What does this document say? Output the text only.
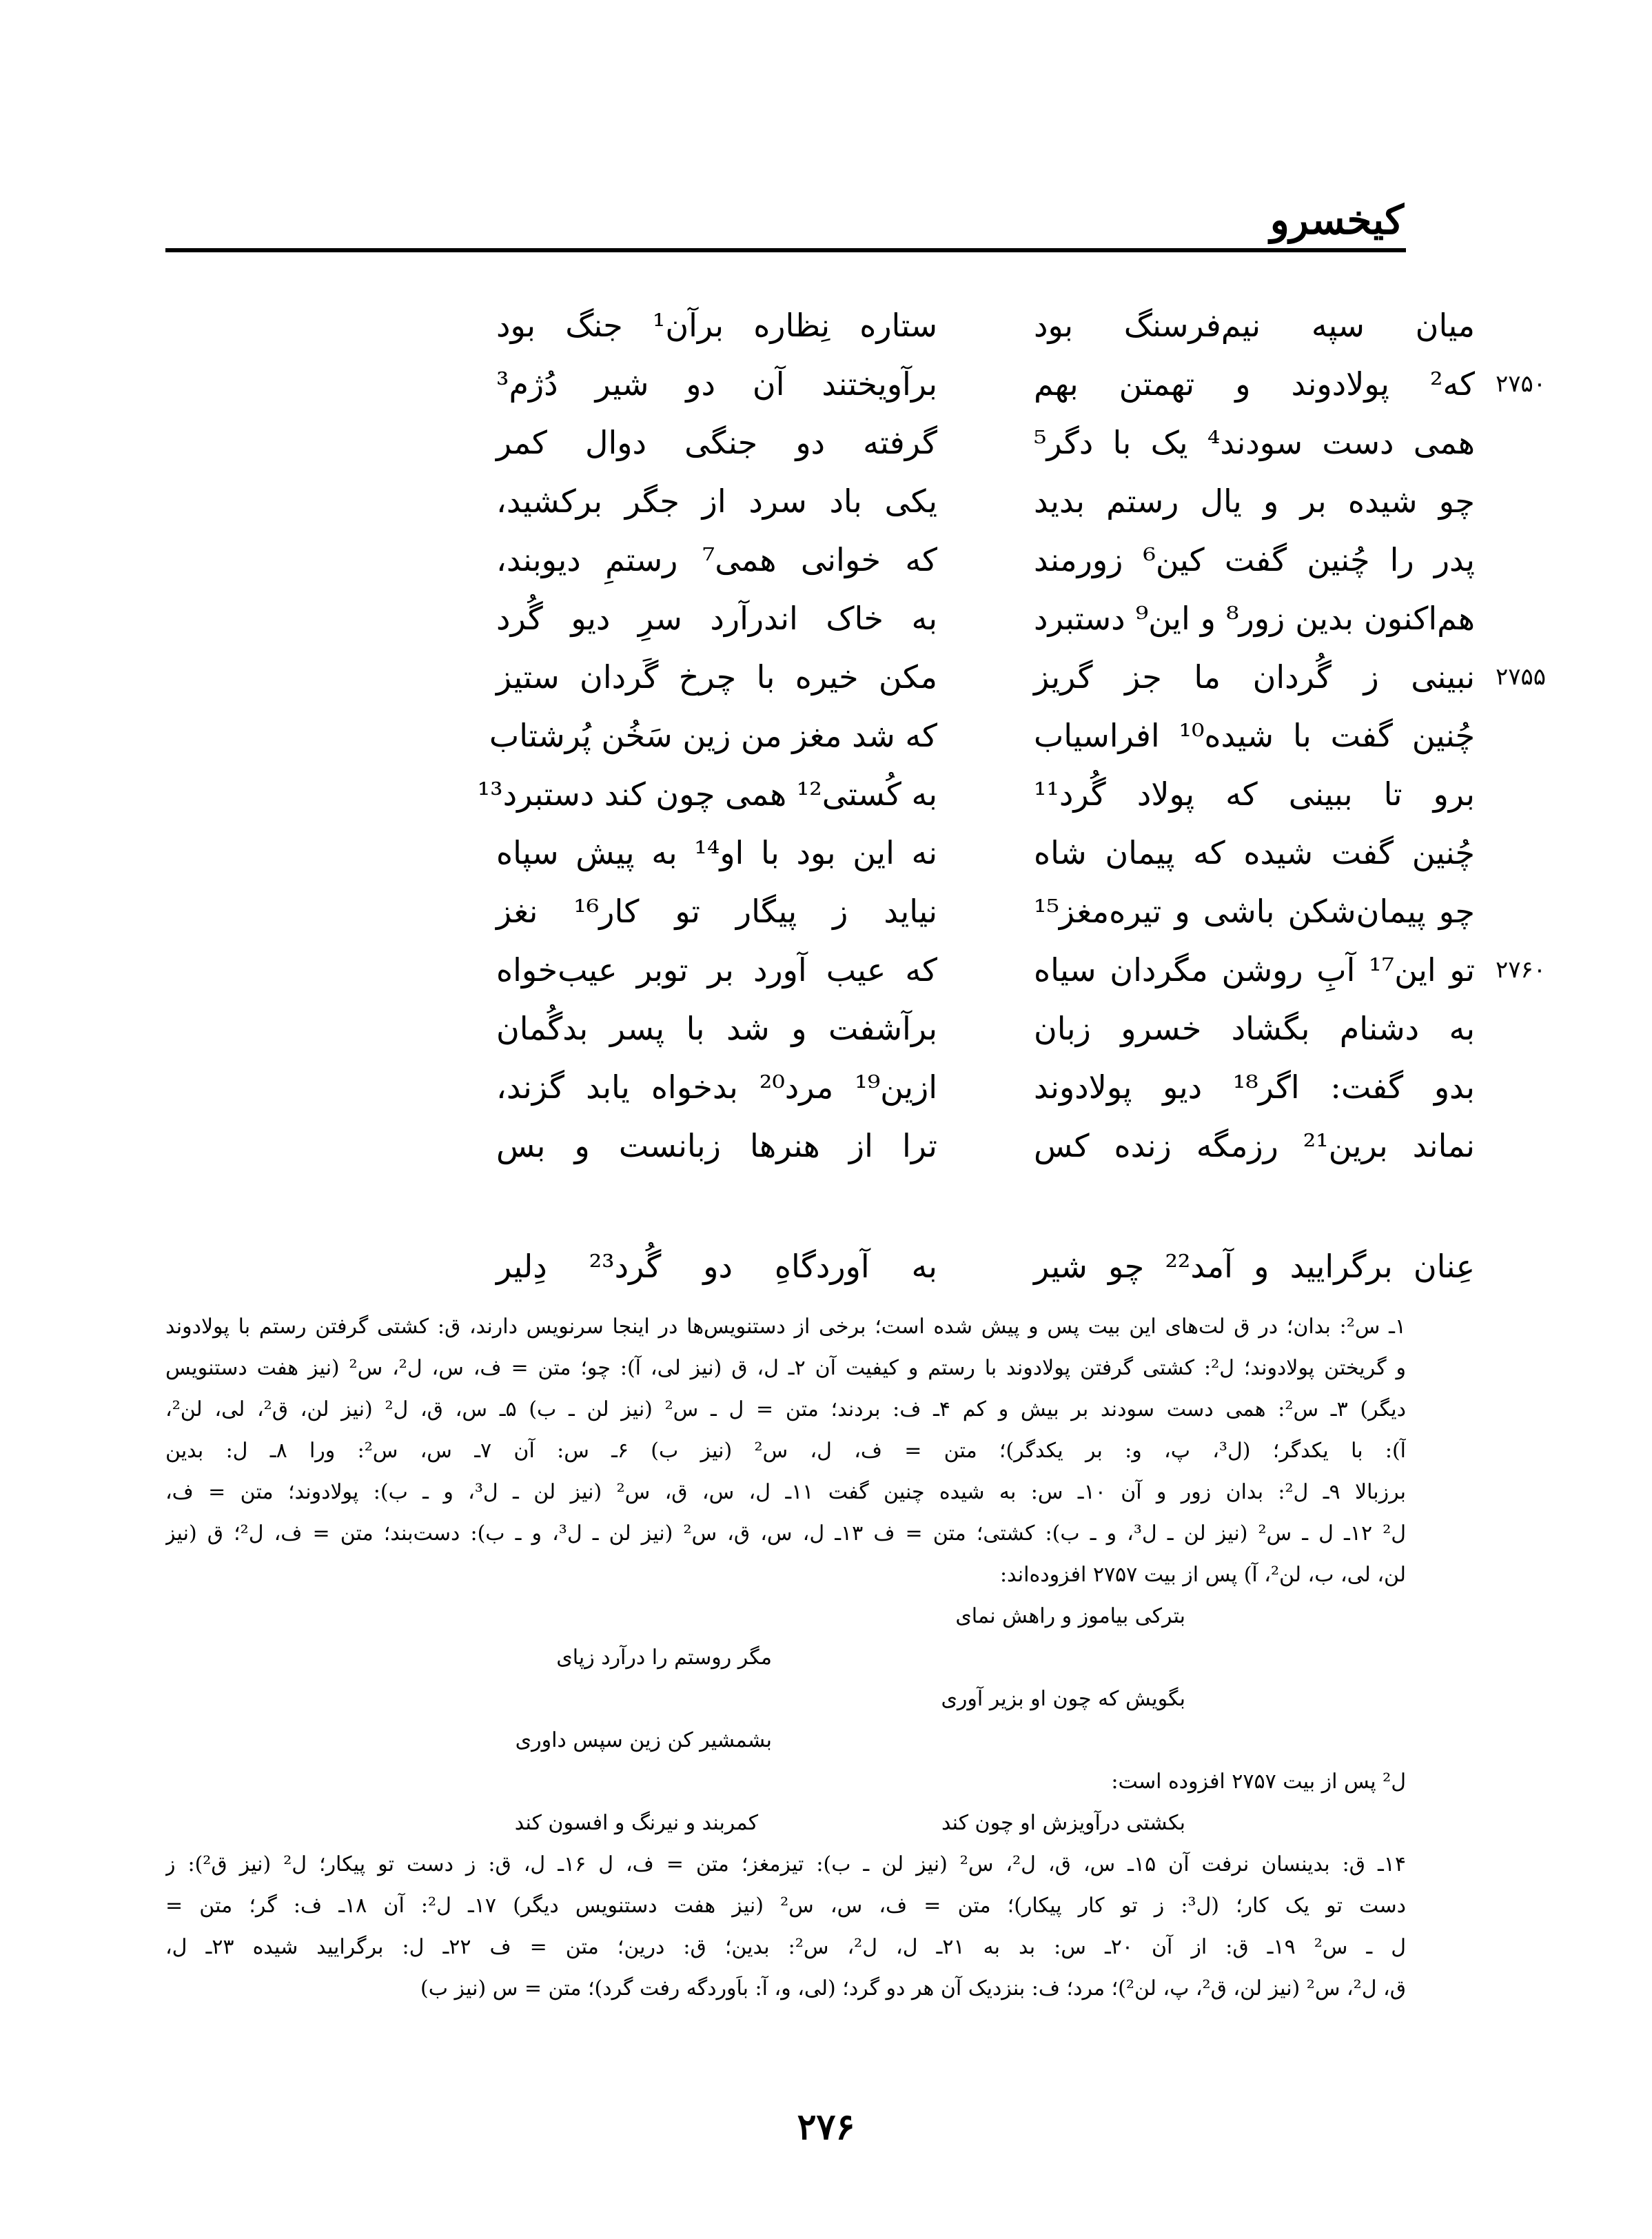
کیخسرو
میان سپه نیم‌فرسنگ بود
ستاره نِظاره برآن¹ جنگ بود
۲۷۵۰
که² پولادوند و تهمتن بهم
برآویختند آن دو شیر دُژم³
همی دست سودند⁴ یک با دگر⁵
گرفته دو جنگی دوال کمر
چو شیده بر و یال رستم بدید
یکی باد سرد از جگر برکشید،
پدر را چُنین گفت کین⁶ زورمند
که خوانی همی⁷ رستمِ دیوبند،
هم‌اکنون بدین زور⁸ و این⁹ دستبرد
به خاک اندرآرد سرِ دیو گُرد
۲۷۵۵
نبینی ز گُردان ما جز گریز
مکن خیره با چرخ گَردان ستیز
چُنین گفت با شیده¹⁰ افراسیاب
که شد مغز من زین سَخُن پُرشتاب
برو تا ببینی که پولاد گُرد¹¹
به کُستی¹² همی چون کند دستبرد¹³
چُنین گفت شیده که پیمان شاه
نه این بود با او¹⁴ به پیش سپاه
چو پیمان‌شکن باشی و تیره‌مغز¹⁵
نیاید ز پیگار تو کار¹⁶ نغز
۲۷۶۰
تو این¹⁷ آبِ روشن مگردان سیاه
که عیب آورد بر توبر عیب‌خواه
به دشنام بگشاد خسرو زبان
برآشفت و شد با پسر بدگُمان
بدو گفت: اگر¹⁸ دیو پولادوند
ازین¹⁹ مرد²⁰ بدخواه یابد گزند،
نماند برین²¹ رزمگه زنده کس
ترا از هنرها زبانست و بس
عِنان برگرایید و آمد²² چو شیر
به آوردگاهِ دو گُرد²³ دِلیر
۱ـ س²: بدان؛ در ق لت‌های این بیت پس و پیش شده است؛ برخی از دستنویس‌ها در اینجا سرنویس دارند، ق: کشتی گرفتن رستم با پولادوند
و گریختن پولادوند؛ ل²: کشتی گرفتن پولادوند با رستم و کیفیت آن ۲ـ ل، ق (نیز لی، آ): چو؛ متن = ف، س، ل²، س² (نیز هفت دستنویس
دیگر) ۳ـ س²: همی دست سودند بر بیش و کم ۴ـ ف: بردند؛ متن = ل ـ س² (نیز لن ـ ب) ۵ـ س، ق، ل² (نیز لن، ق²، لی، لن²،
آ): با یکدگر؛ (ل³، پ، و: بر یکدگر)؛ متن = ف، ل، س² (نیز ب) ۶ـ س: آن ۷ـ س، س²: ورا ۸ـ ل: بدین
برزبالا ۹ـ ل²: بدان زور و آن ۱۰ـ س: به شیده چنین گفت ۱۱ـ ل، س، ق، س² (نیز لن ـ ل³، و ـ ب): پولادوند؛ متن = ف،
ل² ۱۲ـ ل ـ س² (نیز لن ـ ل³، و ـ ب): کشتی؛ متن = ف ۱۳ـ ل، س، ق، س² (نیز لن ـ ل³، و ـ ب): دست‌بند؛ متن = ف، ل²؛ ق (نیز
لن، لی، ب، لن²، آ) پس از بیت ۲۷۵۷ افزوده‌اند:
بترکی بیاموز و راهش نمای
مگر روستم را درآرد زپای
بگویش که چون او بزیر آوری
بشمشیر کن زین سپس داوری
ل² پس از بیت ۲۷۵۷ افزوده است:
بکشتی درآویزش او چون کند
کمربند و نیرنگ و افسون کند
۱۴ـ ق: بدینسان نرفت آن ۱۵ـ س، ق، ل²، س² (نیز لن ـ ب): تیزمغز؛ متن = ف، ل ۱۶ـ ل، ق: ز دست تو پیکار؛ ل² (نیز ق²): ز
دست تو یک کار؛ (ل³: ز تو کار پیکار)؛ متن = ف، س، س² (نیز هفت دستنویس دیگر) ۱۷ـ ل²: آن ۱۸ـ ف: گر؛ متن =
ل ـ س² ۱۹ـ ق: از آن ۲۰ـ س: بد به ۲۱ـ ل، ل²، س²: بدین؛ ق: درین؛ متن = ف ۲۲ـ ل: برگرایید شیده ۲۳ـ ل،
ق، ل²، س² (نیز لن، ق²، پ، لن²)؛ مرد؛ ف: بنزدیک آن هر دو گرد؛ (لی، و، آ: باَوردگه رفت گرد)؛ متن = س (نیز ب)
۲۷۶
